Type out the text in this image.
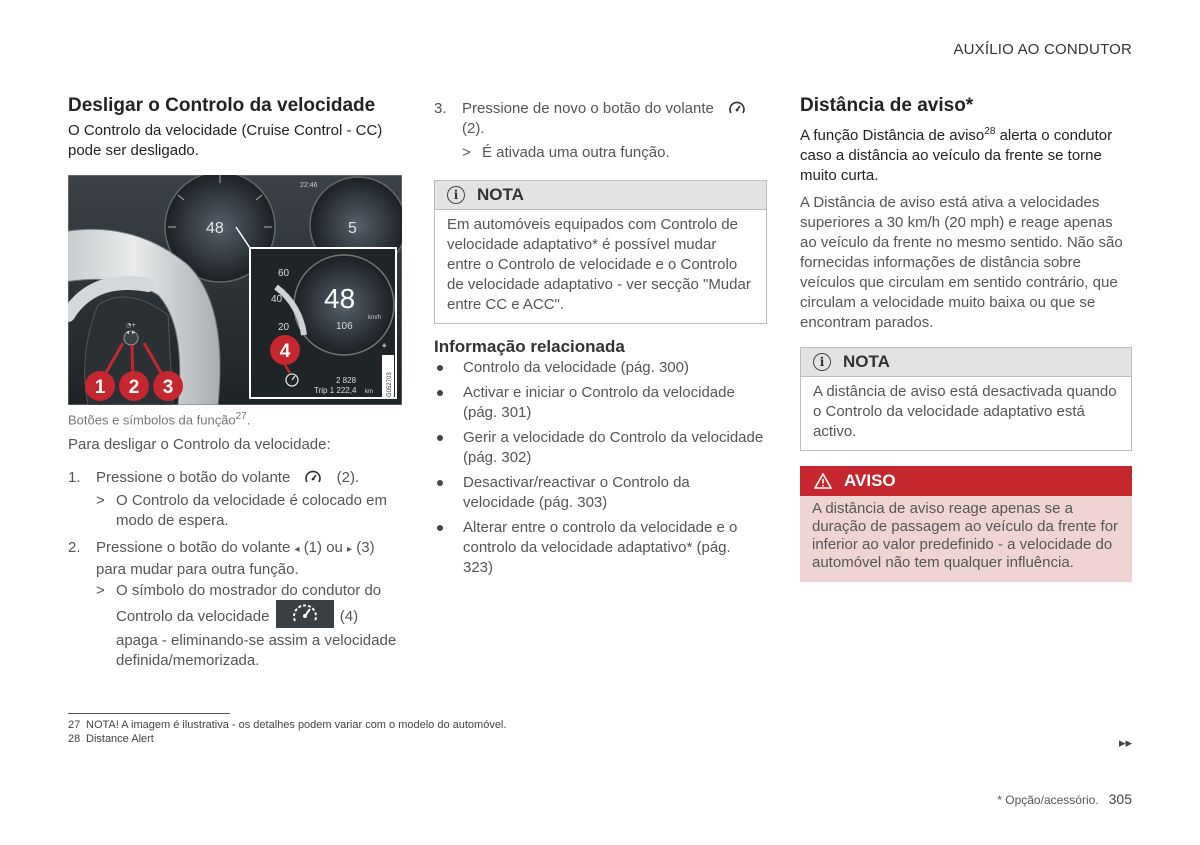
AUXÍLIO AO CONDUTOR
Desligar o Controlo da velocidade
O Controlo da velocidade (Cruise Control - CC) pode ser desligado.
48	5
22:46
◂ ▸
◔+
60
40
20
48
km/h
106
◈
2 828
Trip 1 222,4 km G052703
1 2 3
4
Botões e símbolos da função$^{27}$.
Para desligar o Controlo da velocidade:
1.	Pressione o botão do volante	(2).
> O Controlo da velocidade é colocado em modo de espera.
2.	Pressione o botão do volante ◂ (1) ou ▸ (3) para mudar para outra função.
> O símbolo do mostrador do condutor do
Controlo da velocidade	(4)
apaga - eliminando-se assim a velocidade definida/memorizada.
3.	Pressione de novo o botão do volante
(2).
> É ativada uma outra função.
i	NOTA
Em automóveis equipados com Controlo de velocidade adaptativo* é possível mudar entre o Controlo de velocidade e o Controlo de velocidade adaptativo - ver secção "Mudar entre CC e ACC".
Informação relacionada
Controlo da velocidade (pág. 300)
Activar e iniciar o Controlo da velocidade (pág. 301)
Gerir a velocidade do Controlo da velocidade (pág. 302)
Desactivar/reactivar o Controlo da velocidade (pág. 303)
Alterar entre o controlo da velocidade e o controlo da velocidade adaptativo* (pág. 323)
Distância de aviso*
A função Distância de aviso$^{28}$ alerta o condutor caso a distância ao veículo da frente se torne muito curta.
A Distância de aviso está ativa a velocidades superiores a 30 km/h (20 mph) e reage apenas ao veículo da frente no mesmo sentido. Não são fornecidas informações de distância sobre veículos que circulam em sentido contrário, que circulam a velocidade muito baixa ou que se encontram parados.
i	NOTA
A distância de aviso está desactivada quando o Controlo da velocidade adaptativo está activo.
AVISO
A distância de aviso reage apenas se a duração de passagem ao veículo da frente for inferior ao valor predefinido - a velocidade do automóvel não tem qualquer influência.
27 NOTA! A imagem é ilustrativa - os detalhes podem variar com o modelo do automóvel.
28 Distance Alert	▸▸
* Opção/acessório. 305
